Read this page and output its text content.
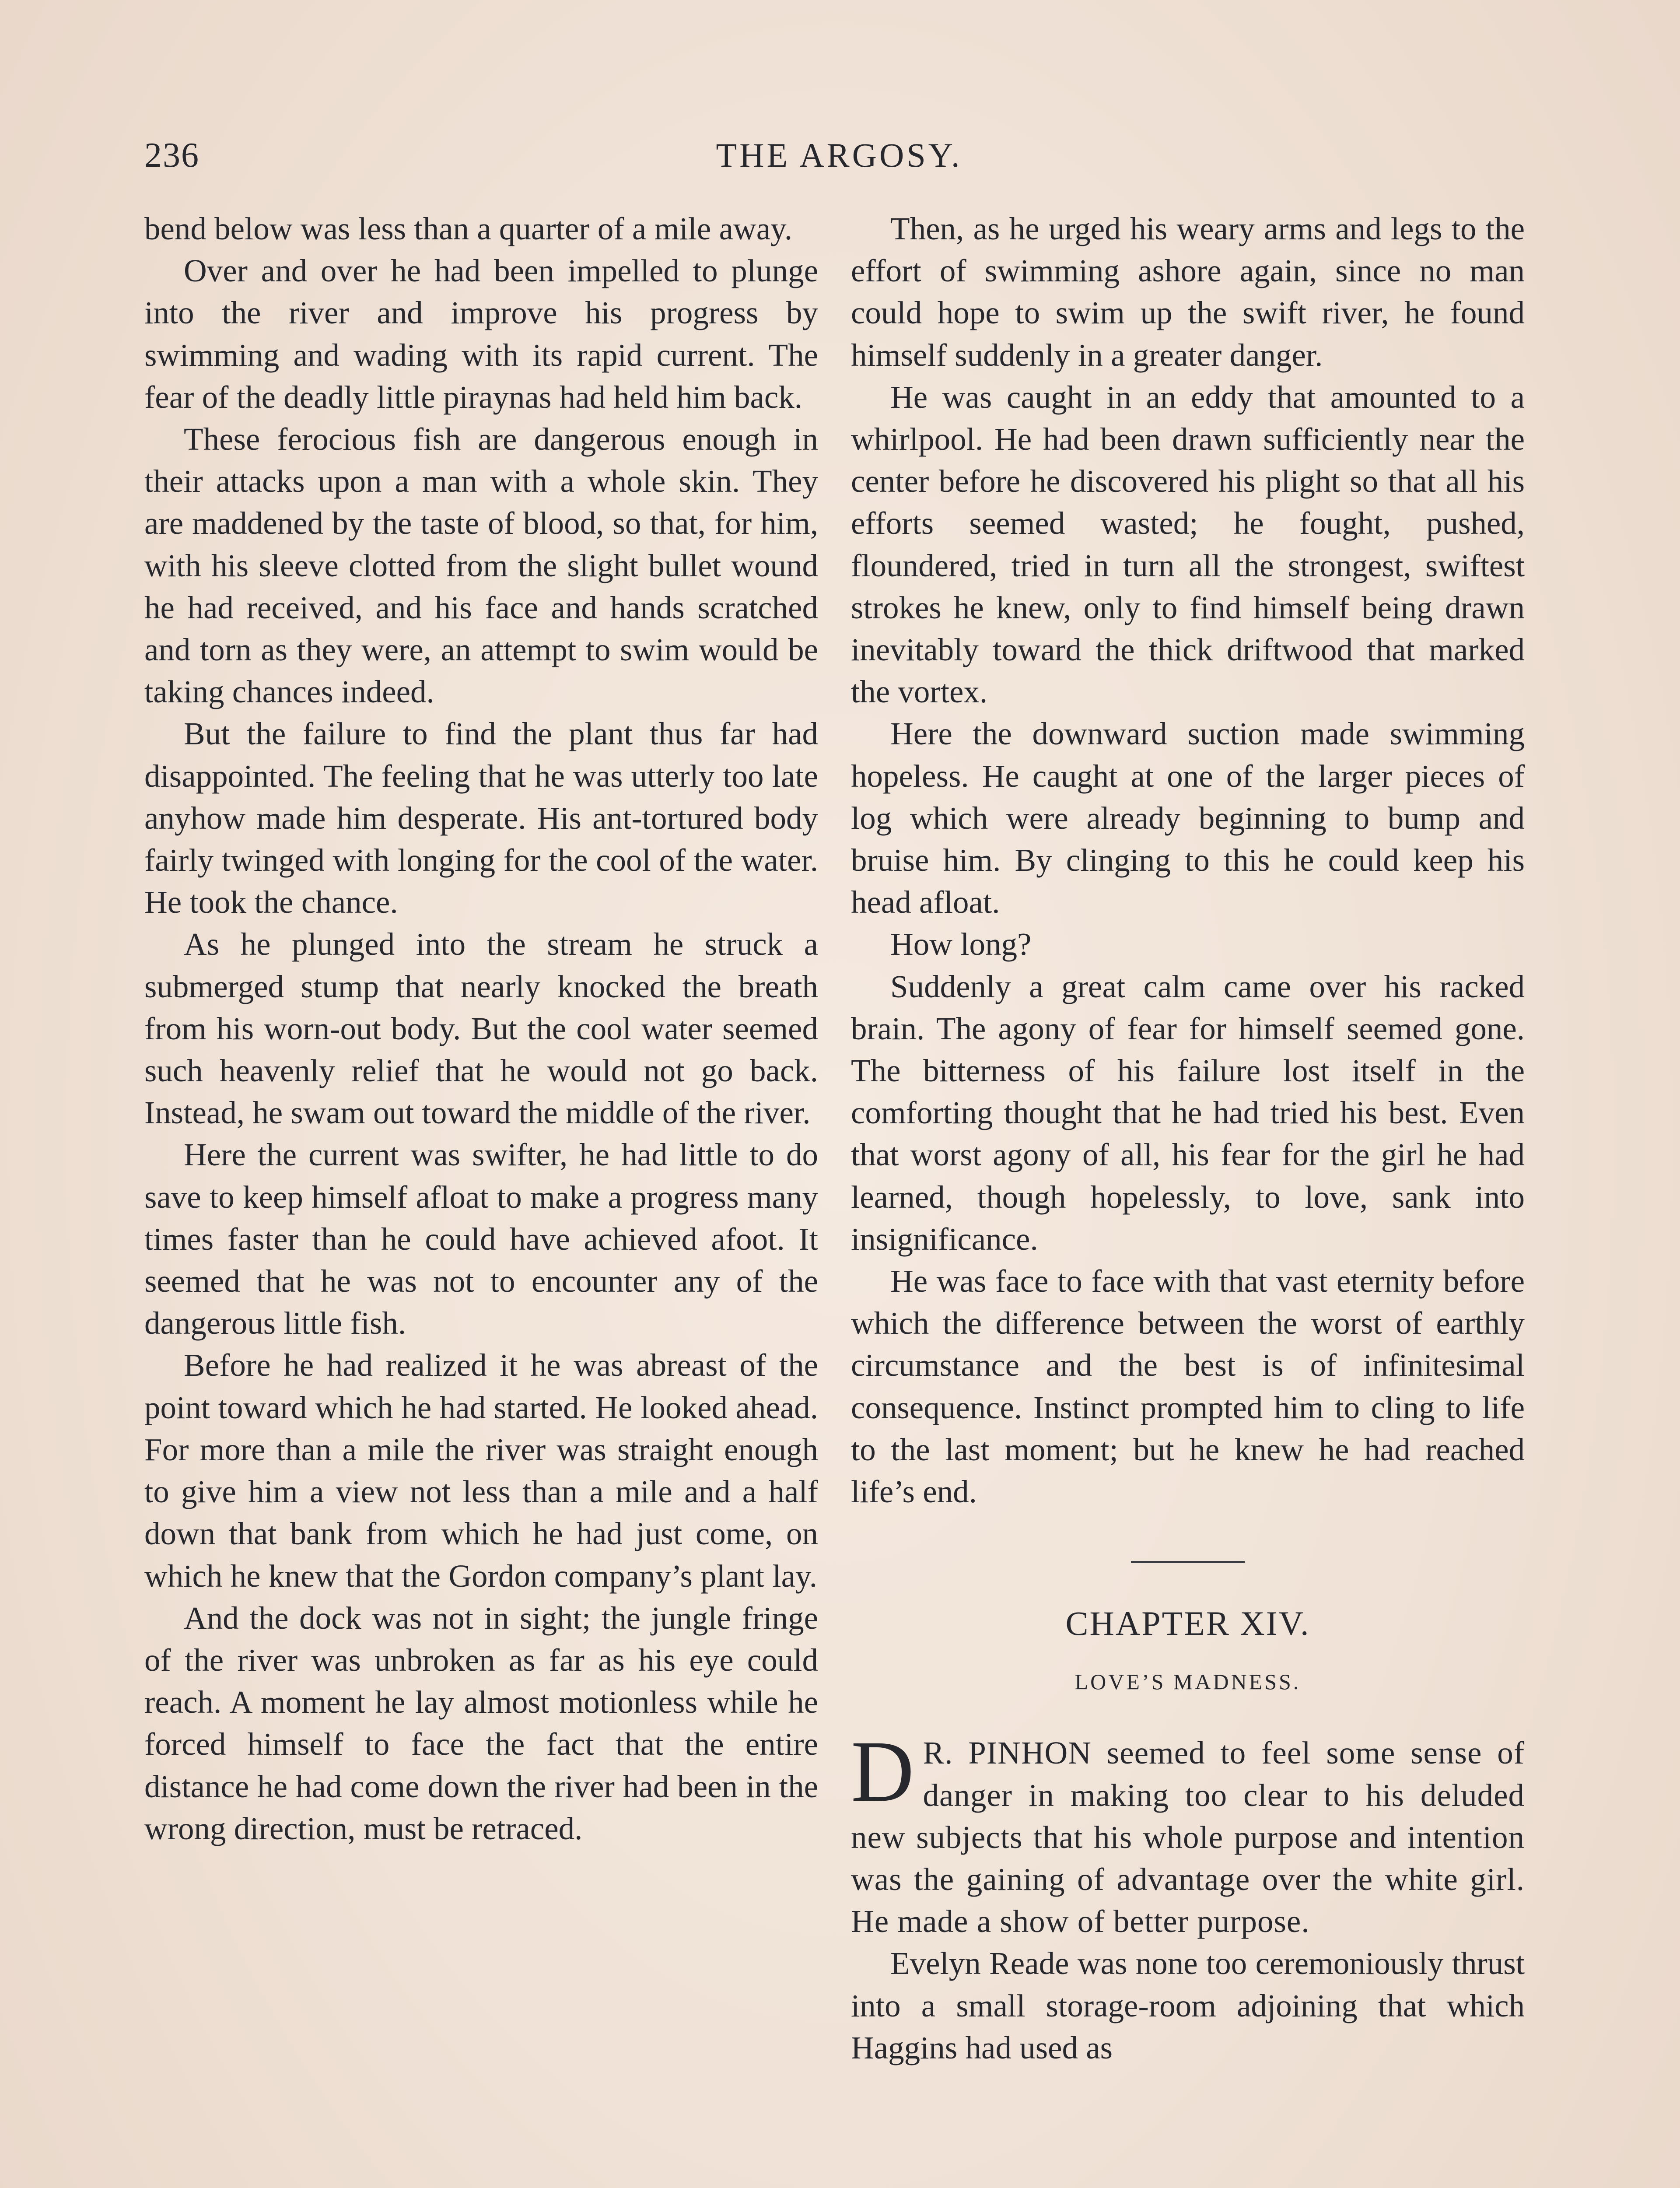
236	THE ARGOSY.

bend below was less than a quarter of a mile away.

Over and over he had been impelled to plunge into the river and improve his progress by swimming and wading with its rapid current. The fear of the deadly little piraynas had held him back.

These ferocious fish are dangerous enough in their attacks upon a man with a whole skin. They are maddened by the taste of blood, so that, for him, with his sleeve clotted from the slight bullet wound he had received, and his face and hands scratched and torn as they were, an attempt to swim would be taking chances indeed.

But the failure to find the plant thus far had disappointed. The feeling that he was utterly too late anyhow made him desperate. His ant-tortured body fairly twinged with longing for the cool of the water. He took the chance.

As he plunged into the stream he struck a submerged stump that nearly knocked the breath from his worn-out body. But the cool water seemed such heavenly relief that he would not go back. Instead, he swam out toward the middle of the river.

Here the current was swifter, he had little to do save to keep himself afloat to make a progress many times faster than he could have achieved afoot. It seemed that he was not to encounter any of the dangerous little fish.

Before he had realized it he was abreast of the point toward which he had started. He looked ahead. For more than a mile the river was straight enough to give him a view not less than a mile and a half down that bank from which he had just come, on which he knew that the Gordon company’s plant lay.

And the dock was not in sight; the jungle fringe of the river was unbroken as far as his eye could reach. A moment he lay almost motionless while he forced himself to face the fact that the entire distance he had come down the river had been in the wrong direction, must be retraced.

Then, as he urged his weary arms and legs to the effort of swimming ashore again, since no man could hope to swim up the swift river, he found himself suddenly in a greater danger.

He was caught in an eddy that amounted to a whirlpool. He had been drawn sufficiently near the center before he discovered his plight so that all his efforts seemed wasted; he fought, pushed, floundered, tried in turn all the strongest, swiftest strokes he knew, only to find himself being drawn inevitably toward the thick driftwood that marked the vortex.

Here the downward suction made swimming hopeless. He caught at one of the larger pieces of log which were already beginning to bump and bruise him. By clinging to this he could keep his head afloat.

How long?

Suddenly a great calm came over his racked brain. The agony of fear for himself seemed gone. The bitterness of his failure lost itself in the comforting thought that he had tried his best. Even that worst agony of all, his fear for the girl he had learned, though hopelessly, to love, sank into insignificance.

He was face to face with that vast eternity before which the difference between the worst of earthly circumstance and the best is of infinitesimal consequence. Instinct prompted him to cling to life to the last moment; but he knew he had reached life’s end.

CHAPTER XIV.
LOVE’S MADNESS.

D R. PINHON seemed to feel some sense of danger in making too clear to his deluded new subjects that his whole purpose and intention was the gaining of advantage over the white girl. He made a show of better purpose.

Evelyn Reade was none too ceremoniously thrust into a small storage-room adjoining that which Haggins had used as
